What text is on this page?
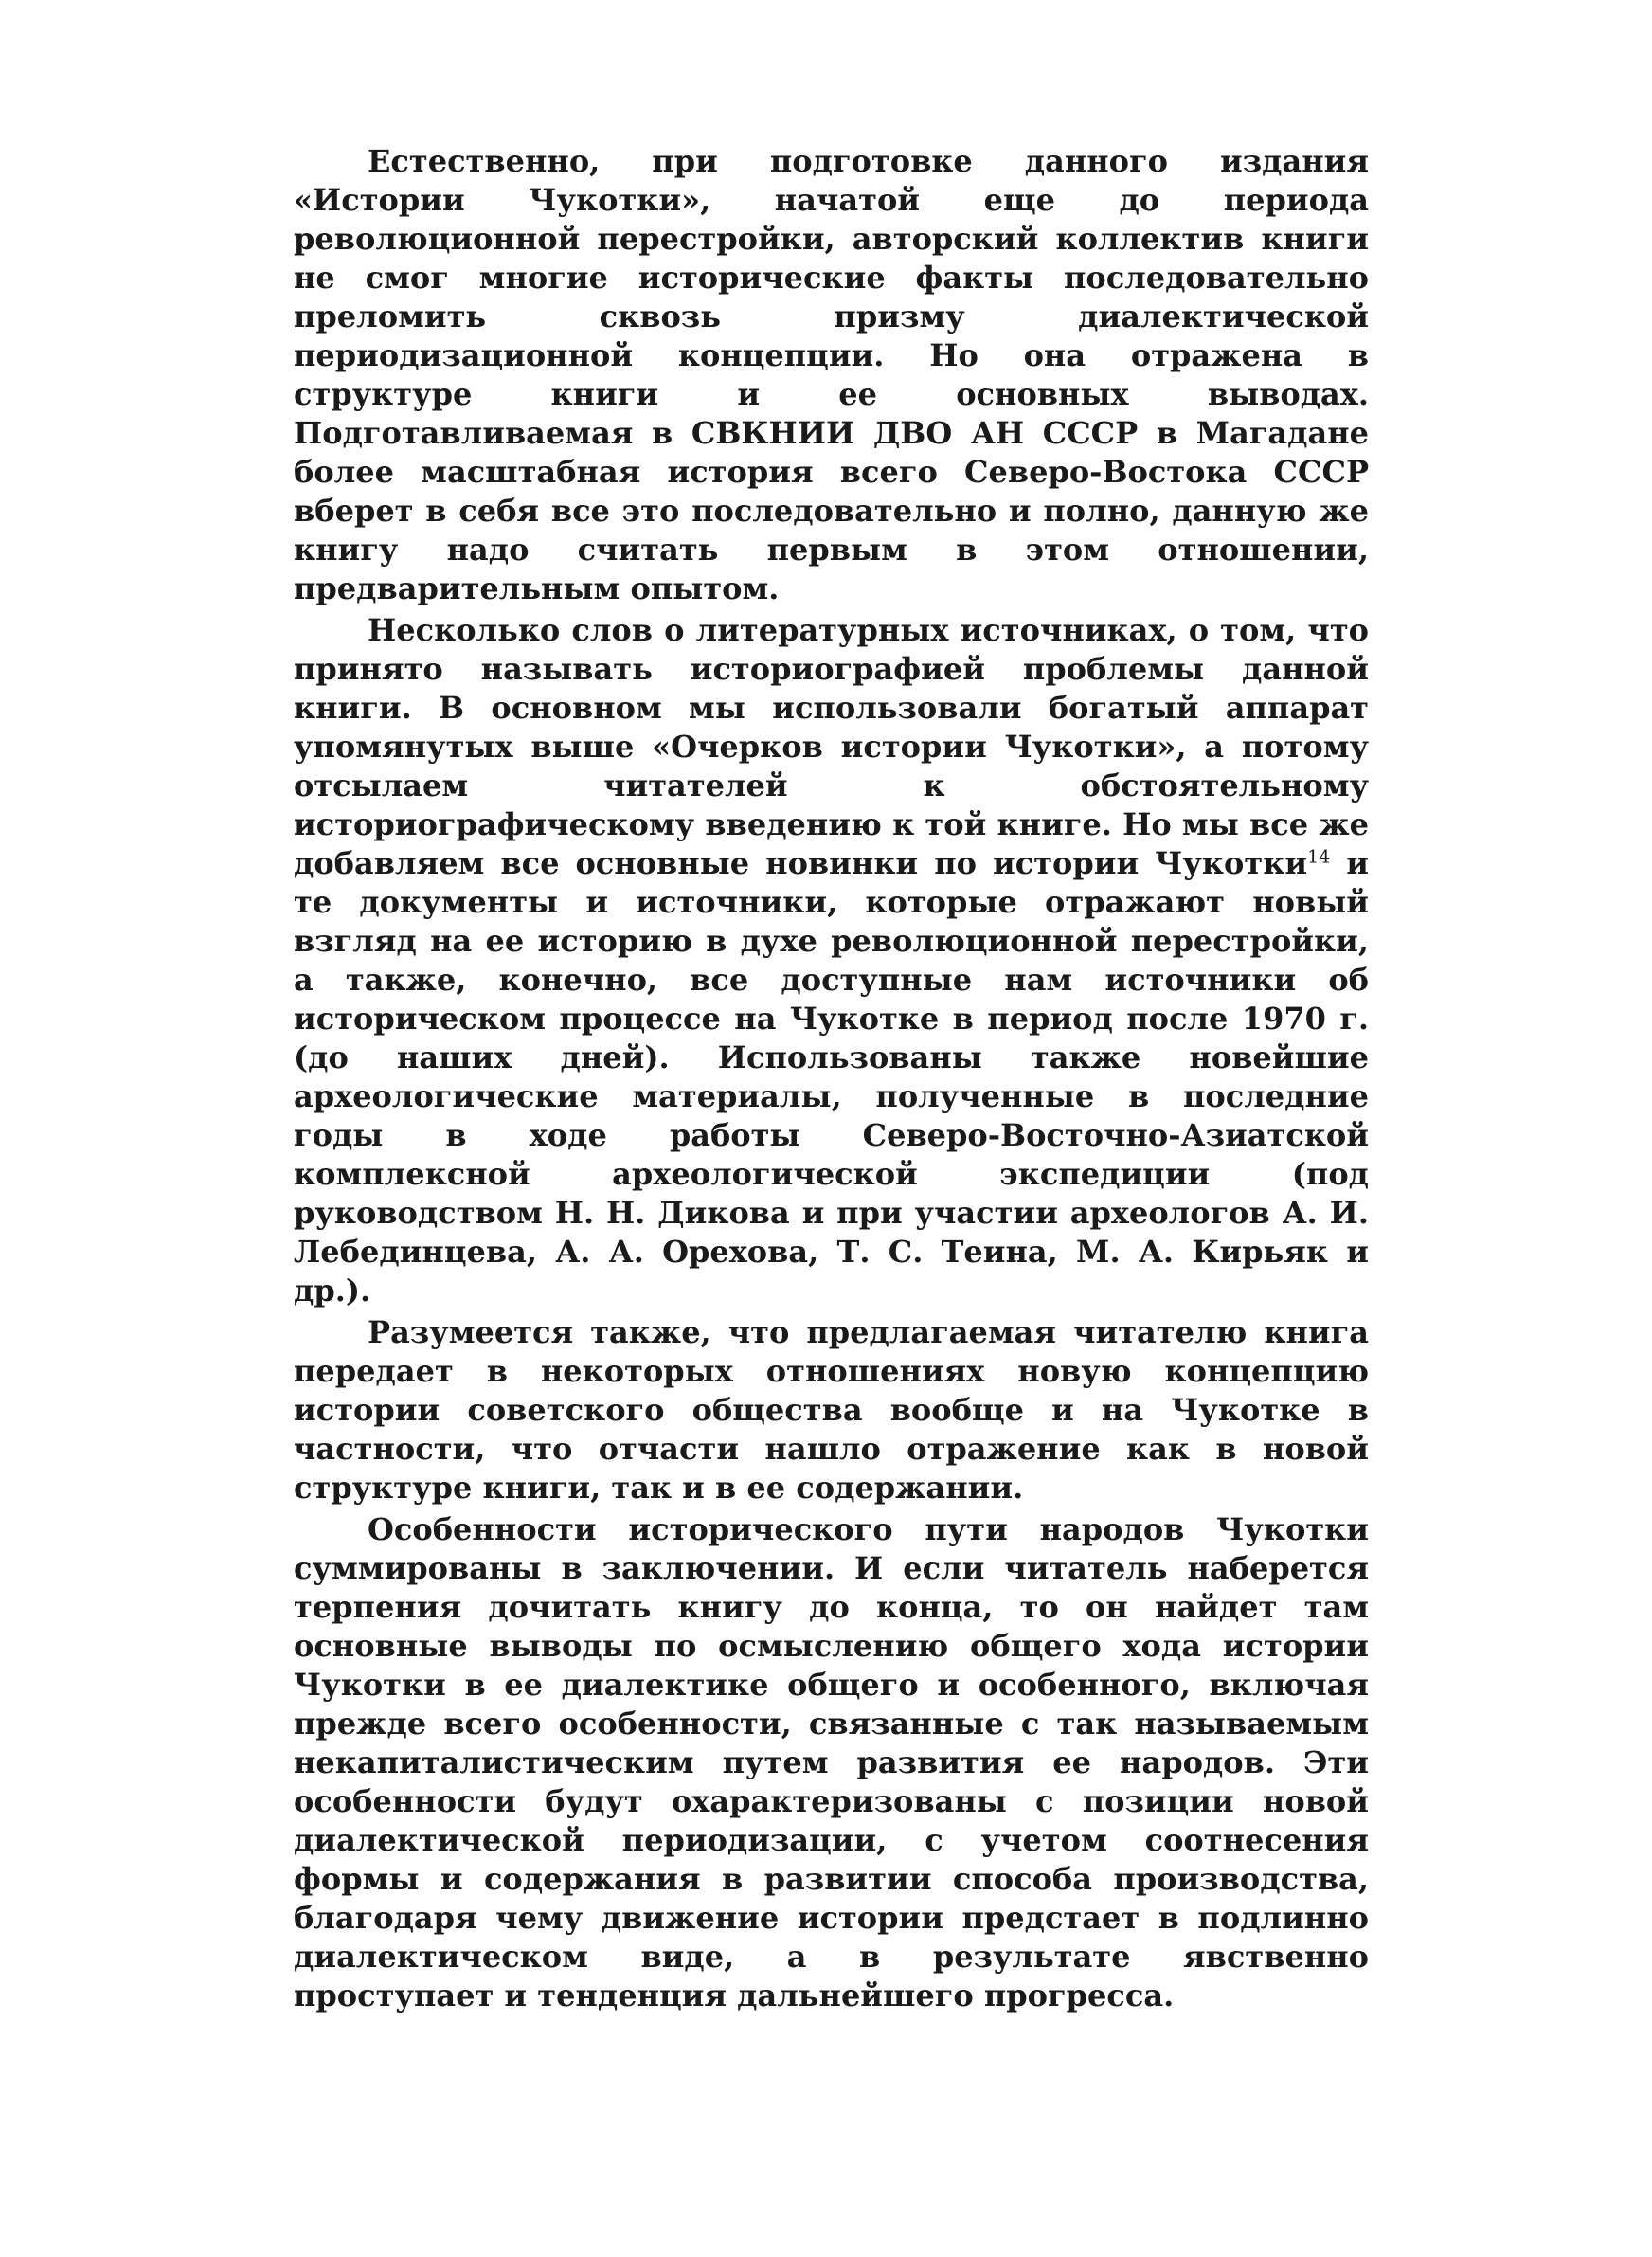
Естественно, при подготовке данного издания «Истории Чукотки», начатой еще до периода революционной перестройки, авторский коллектив книги не смог многие исторические факты последовательно преломить сквозь призму диалектической периодизационной концепции. Но она отражена в структуре книги и ее основных выводах. Подготавливаемая в СВКНИИ ДВО АН СССР в Магадане более масштабная история всего Северо-Востока СССР вберет в себя все это последовательно и полно, данную же книгу надо считать первым в этом отношении, предварительным опытом.

Несколько слов о литературных источниках, о том, что принято называть историографией проблемы данной книги. В основном мы использовали богатый аппарат упомянутых выше «Очерков истории Чукотки», а потому отсылаем читателей к обстоятельному историографическому введению к той книге. Но мы все же добавляем все основные новинки по истории Чукотки$^{14}$ и те документы и источники, которые отражают новый взгляд на ее историю в духе революционной перестройки, а также, конечно, все доступные нам источники об историческом процессе на Чукотке в период после 1970 г. (до наших дней). Использованы также новейшие археологические материалы, полученные в последние годы в ходе работы Северо-Восточно-Азиатской комплексной археологической экспедиции (под руководством Н. Н. Дикова и при участии археологов А. И. Лебединцева, А. А. Орехова, Т. С. Теина, М. А. Кирьяк и др.).

Разумеется также, что предлагаемая читателю книга передает в некоторых отношениях новую концепцию истории советского общества вообще и на Чукотке в частности, что отчасти нашло отражение как в новой структуре книги, так и в ее содержании.

Особенности исторического пути народов Чукотки суммированы в заключении. И если читатель наберется терпения дочитать книгу до конца, то он найдет там основные выводы по осмыслению общего хода истории Чукотки в ее диалектике общего и особенного, включая прежде всего особенности, связанные с так называемым некапиталистическим путем развития ее народов. Эти особенности будут охарактеризованы с позиции новой диалектической периодизации, с учетом соотнесения формы и содержания в развитии способа производства, благодаря чему движение истории предстает в подлинно диалектическом виде, а в результате явственно проступает и тенденция дальнейшего прогресса.
